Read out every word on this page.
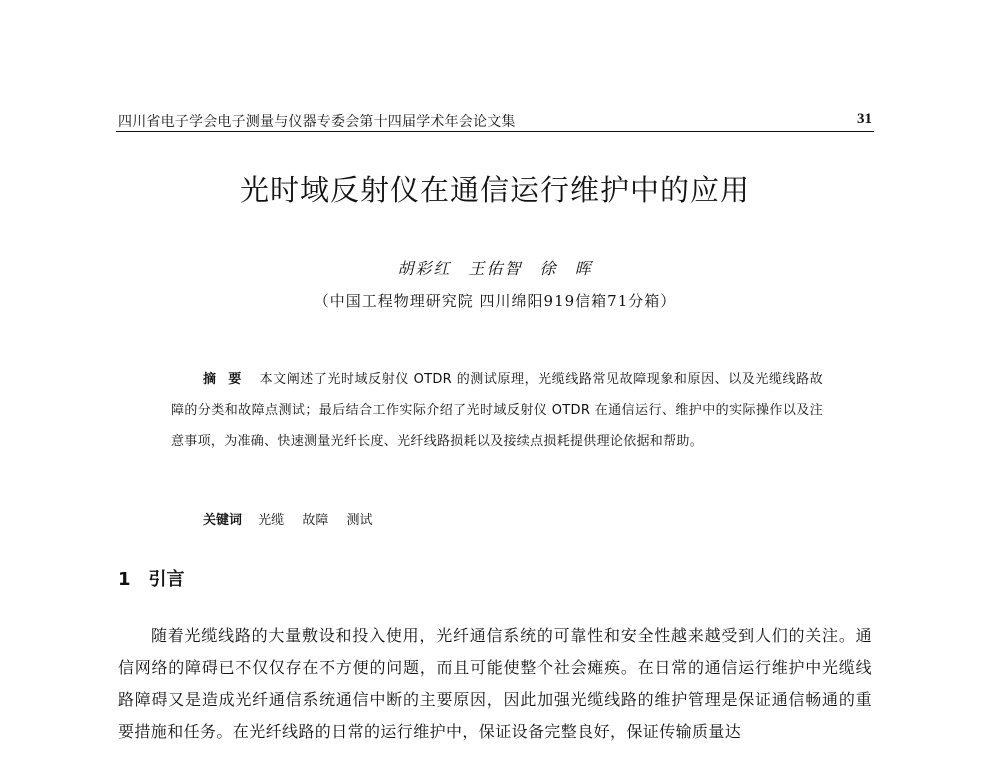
四川省电子学会电子测量与仪器专委会第十四届学术年会论文集	31
光时域反射仪在通信运行维护中的应用
胡彩红 王佑智 徐 晖
（中国工程物理研究院 四川绵阳919信箱71分箱）
摘要 本文阐述了光时域反射仪 OTDR 的测试原理，光缆线路常见故障现象和原因、以及光缆线路故障的分类和故障点测试；最后结合工作实际介绍了光时域反射仪 OTDR 在通信运行、维护中的实际操作以及注意事项，为准确、快速测量光纤长度、光纤线路损耗以及接续点损耗提供理论依据和帮助。
关键词 光缆 故障 测试
1 引言
随着光缆线路的大量敷设和投入使用，光纤通信系统的可靠性和安全性越来越受到人们的关注。通信网络的障碍已不仅仅存在不方便的问题，而且可能使整个社会瘫痪。在日常的通信运行维护中光缆线路障碍又是造成光纤通信系统通信中断的主要原因，因此加强光缆线路的维护管理是保证通信畅通的重要措施和任务。在光纤线路的日常的运行维护中，保证设备完整良好，保证传输质量达
